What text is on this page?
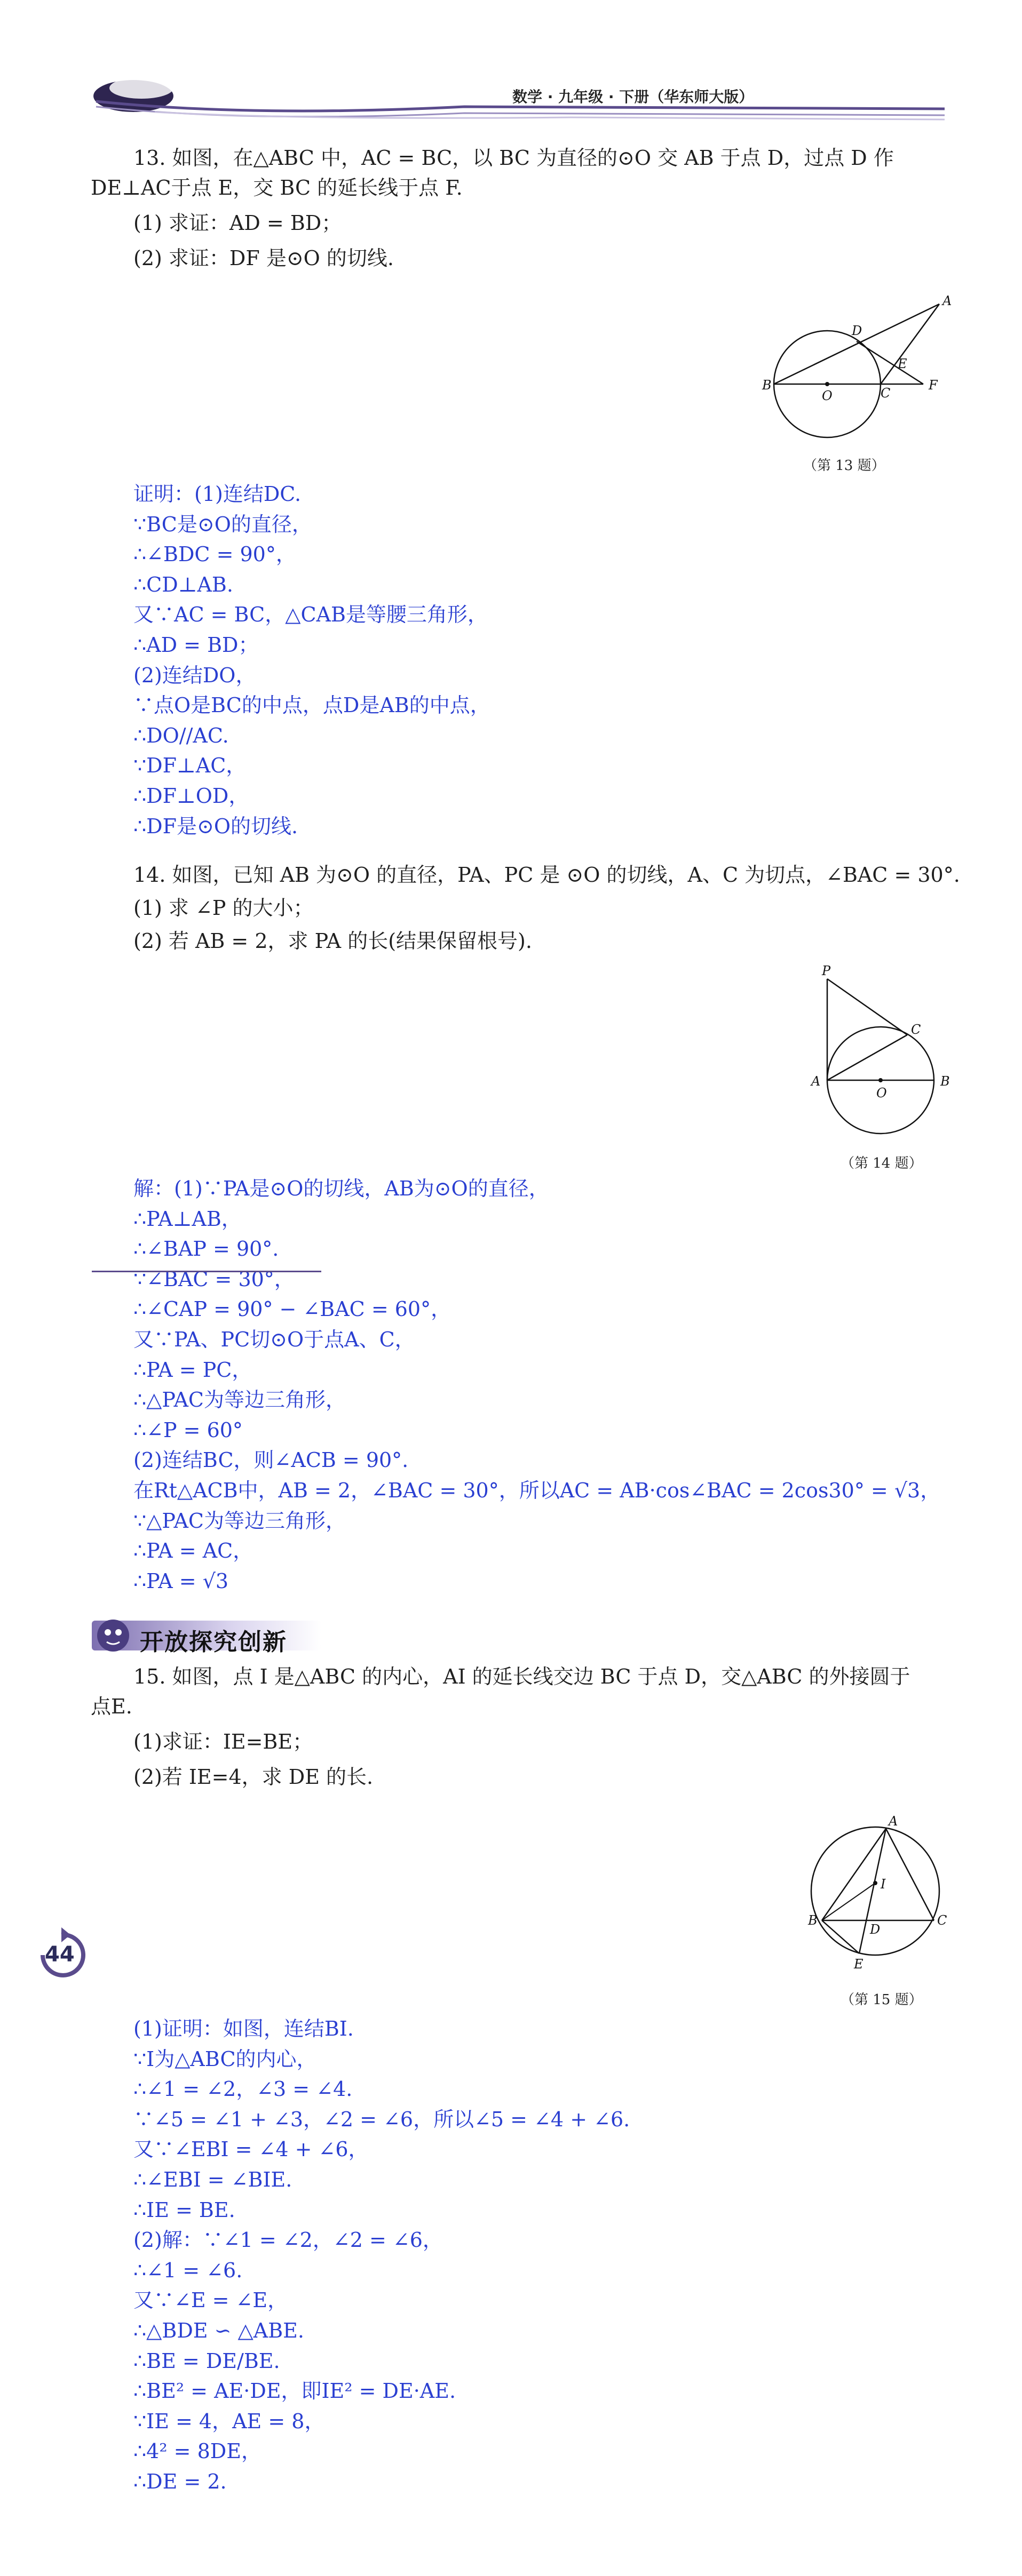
数学 · 九年级 · 下册（华东师大版）
13. 如图，在△ABC 中，AC = BC，以 BC 为直径的⊙O 交 AB 于点 D，过点 D 作
DE⊥AC于点 E，交 BC 的延长线于点 F.
(1) 求证：AD = BD；
(2) 求证：DF 是⊙O 的切线.
A
B
C
D
E
F
O
（第 13 题）
证明：(1)连结DC.
∵BC是⊙O的直径，
∴∠BDC = 90°，
∴CD⊥AB.
又∵AC = BC，△CAB是等腰三角形，
∴AD = BD；
(2)连结DO，
∵点O是BC的中点，点D是AB的中点，
∴DO//AC.
∵DF⊥AC，
∴DF⊥OD，
∴DF是⊙O的切线.
14. 如图，已知 AB 为⊙O 的直径，PA、PC 是 ⊙O 的切线，A、C 为切点，∠BAC = 30°.
(1) 求 ∠P 的大小；
(2) 若 AB = 2，求 PA 的长(结果保留根号).
P
A	B
C
O
（第 14 题）
解：(1)∵PA是⊙O的切线，AB为⊙O的直径，
∴PA⊥AB，
∴∠BAP = 90°.
∵∠BAC = 30°，
∴∠CAP = 90° − ∠BAC = 60°，
又∵PA、PC切⊙O于点A、C，
∴PA = PC，
∴△PAC为等边三角形，
∴∠P = 60°
(2)连结BC，则∠ACB = 90°.
在Rt△ACB中，AB = 2，∠BAC = 30°，所以AC = AB·cos∠BAC = 2cos30° = √3，
∵△PAC为等边三角形，
∴PA = AC，
∴PA = √3
开放探究创新
15. 如图，点 I 是△ABC 的内心，AI 的延长线交边 BC 于点 D，交△ABC 的外接圆于
点E.
(1)求证：IE=BE；
(2)若 IE=4，求 DE 的长.
A
B	C
D
E
I
（第 15 题）
44
(1)证明：如图，连结BI.
∵I为△ABC的内心，
∴∠1 = ∠2，∠3 = ∠4.
∵∠5 = ∠1 + ∠3，∠2 = ∠6，所以∠5 = ∠4 + ∠6.
又∵∠EBI = ∠4 + ∠6，
∴∠EBI = ∠BIE.
∴IE = BE.
(2)解：∵∠1 = ∠2，∠2 = ∠6，
∴∠1 = ∠6.
又∵∠E = ∠E，
∴△BDE ∽ △ABE.
∴BE = DE/BE.
∴BE² = AE·DE，即IE² = DE·AE.
∵IE = 4，AE = 8，
∴4² = 8DE，
∴DE = 2.
